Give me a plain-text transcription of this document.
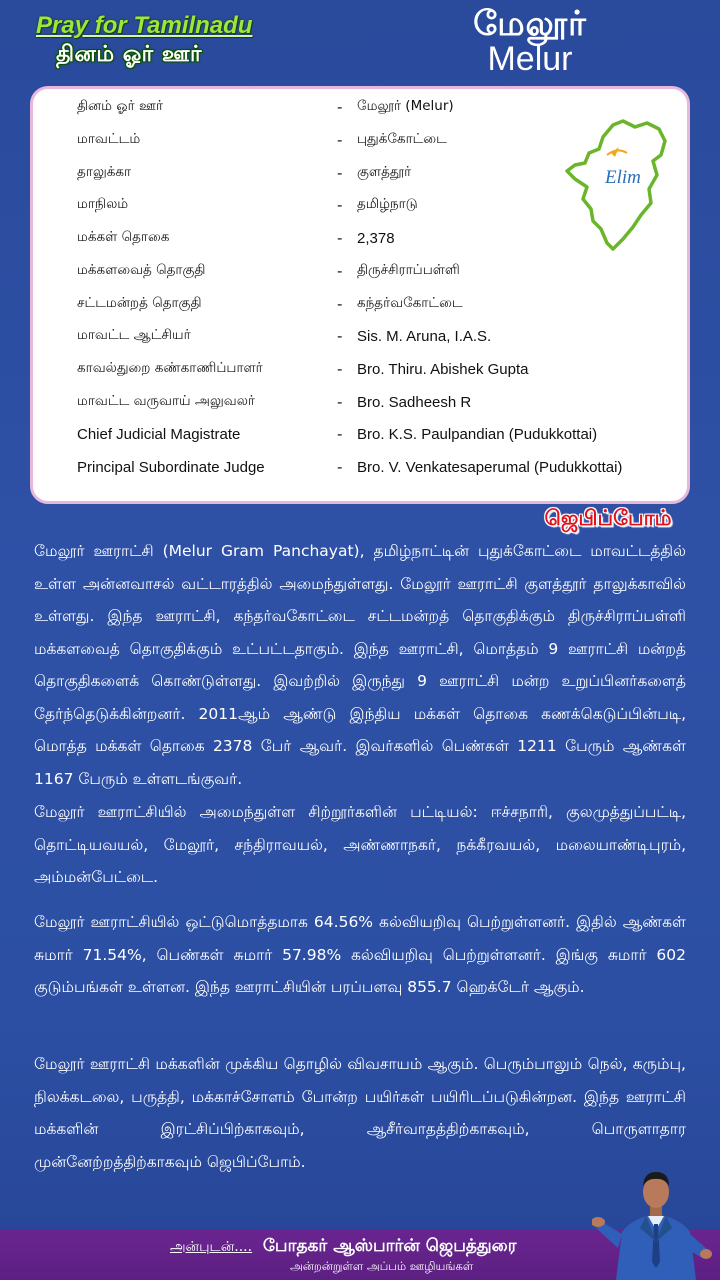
Pray for Tamilnadu
தினம் ஓர் ஊர்
மேலூர்
Melur
தினம் ஓர் ஊர்	-	மேலூர் (Melur)
மாவட்டம்	-	புதுக்கோட்டை
தாலுக்கா	-	குளத்தூர்
மாநிலம்	-	தமிழ்நாடு
மக்கள் தொகை	- 2,378
மக்களவைத் தொகுதி	-	திருச்சிராப்பள்ளி
சட்டமன்றத் தொகுதி	-	கந்தர்வகோட்டை
மாவட்ட ஆட்சியர்	- Sis. M. Aruna, I.A.S.
காவல்துறை கண்காணிப்பாளர்	- Bro. Thiru. Abishek Gupta
மாவட்ட வருவாய் அலுவலர்	- Bro. Sadheesh R
Chief Judicial Magistrate	- Bro. K.S. Paulpandian (Pudukkottai)
Principal Subordinate Judge	- Bro. V. Venkatesaperumal (Pudukkottai)
Elim
ஜெபிப்போம்
மேலூர் ஊராட்சி (Melur Gram Panchayat), தமிழ்நாட்டின் புதுக்கோட்டை மாவட்டத்தில் உள்ள அன்னவாசல் வட்டாரத்தில் அமைந்துள்ளது. மேலூர் ஊராட்சி குளத்தூர் தாலுக்காவில் உள்ளது. இந்த ஊராட்சி, கந்தர்வகோட்டை சட்டமன்றத் தொகுதிக்கும் திருச்சிராப்பள்ளி மக்களவைத் தொகுதிக்கும் உட்பட்டதாகும். இந்த ஊராட்சி, மொத்தம் 9 ஊராட்சி மன்றத் தொகுதிகளைக் கொண்டுள்ளது. இவற்றில் இருந்து 9 ஊராட்சி மன்ற உறுப்பினர்களைத் தேர்ந்தெடுக்கின்றனர். 2011ஆம் ஆண்டு இந்திய மக்கள் தொகை கணக்கெடுப்பின்படி, மொத்த மக்கள் தொகை 2378 பேர் ஆவர். இவர்களில் பெண்கள் 1211 பேரும் ஆண்கள் 1167 பேரும் உள்ளடங்குவர்.
மேலூர் ஊராட்சியில் அமைந்துள்ள சிற்றூர்களின் பட்டியல்: ஈச்சநாரி, குலமுத்துப்பட்டி, தொட்டியவயல், மேலூர், சந்திராவயல், அண்ணாநகர், நக்கீரவயல், மலையாண்டிபுரம், அம்மன்பேட்டை.
மேலூர் ஊராட்சியில் ஒட்டுமொத்தமாக 64.56% கல்வியறிவு பெற்றுள்ளனர். இதில் ஆண்கள் சுமார் 71.54%, பெண்கள் சுமார் 57.98% கல்வியறிவு பெற்றுள்ளனர். இங்கு சுமார் 602 குடும்பங்கள் உள்ளன. இந்த ஊராட்சியின் பரப்பளவு 855.7 ஹெக்டேர் ஆகும்.
மேலூர் ஊராட்சி மக்களின் முக்கிய தொழில் விவசாயம் ஆகும். பெரும்பாலும் நெல், கரும்பு, நிலக்கடலை, பருத்தி, மக்காச்சோளம் போன்ற பயிர்கள் பயிரிடப்படுகின்றன. இந்த ஊராட்சி மக்களின் இரட்சிப்பிற்காகவும், ஆசீர்வாதத்திற்காகவும், பொருளாதார முன்னேற்றத்திற்காகவும் ஜெபிப்போம்.
அன்புடன்.... போதகர் ஆஸ்பார்ன் ஜெபத்துரை
அன்றன்றுள்ள அப்பம் ஊழியங்கள்
